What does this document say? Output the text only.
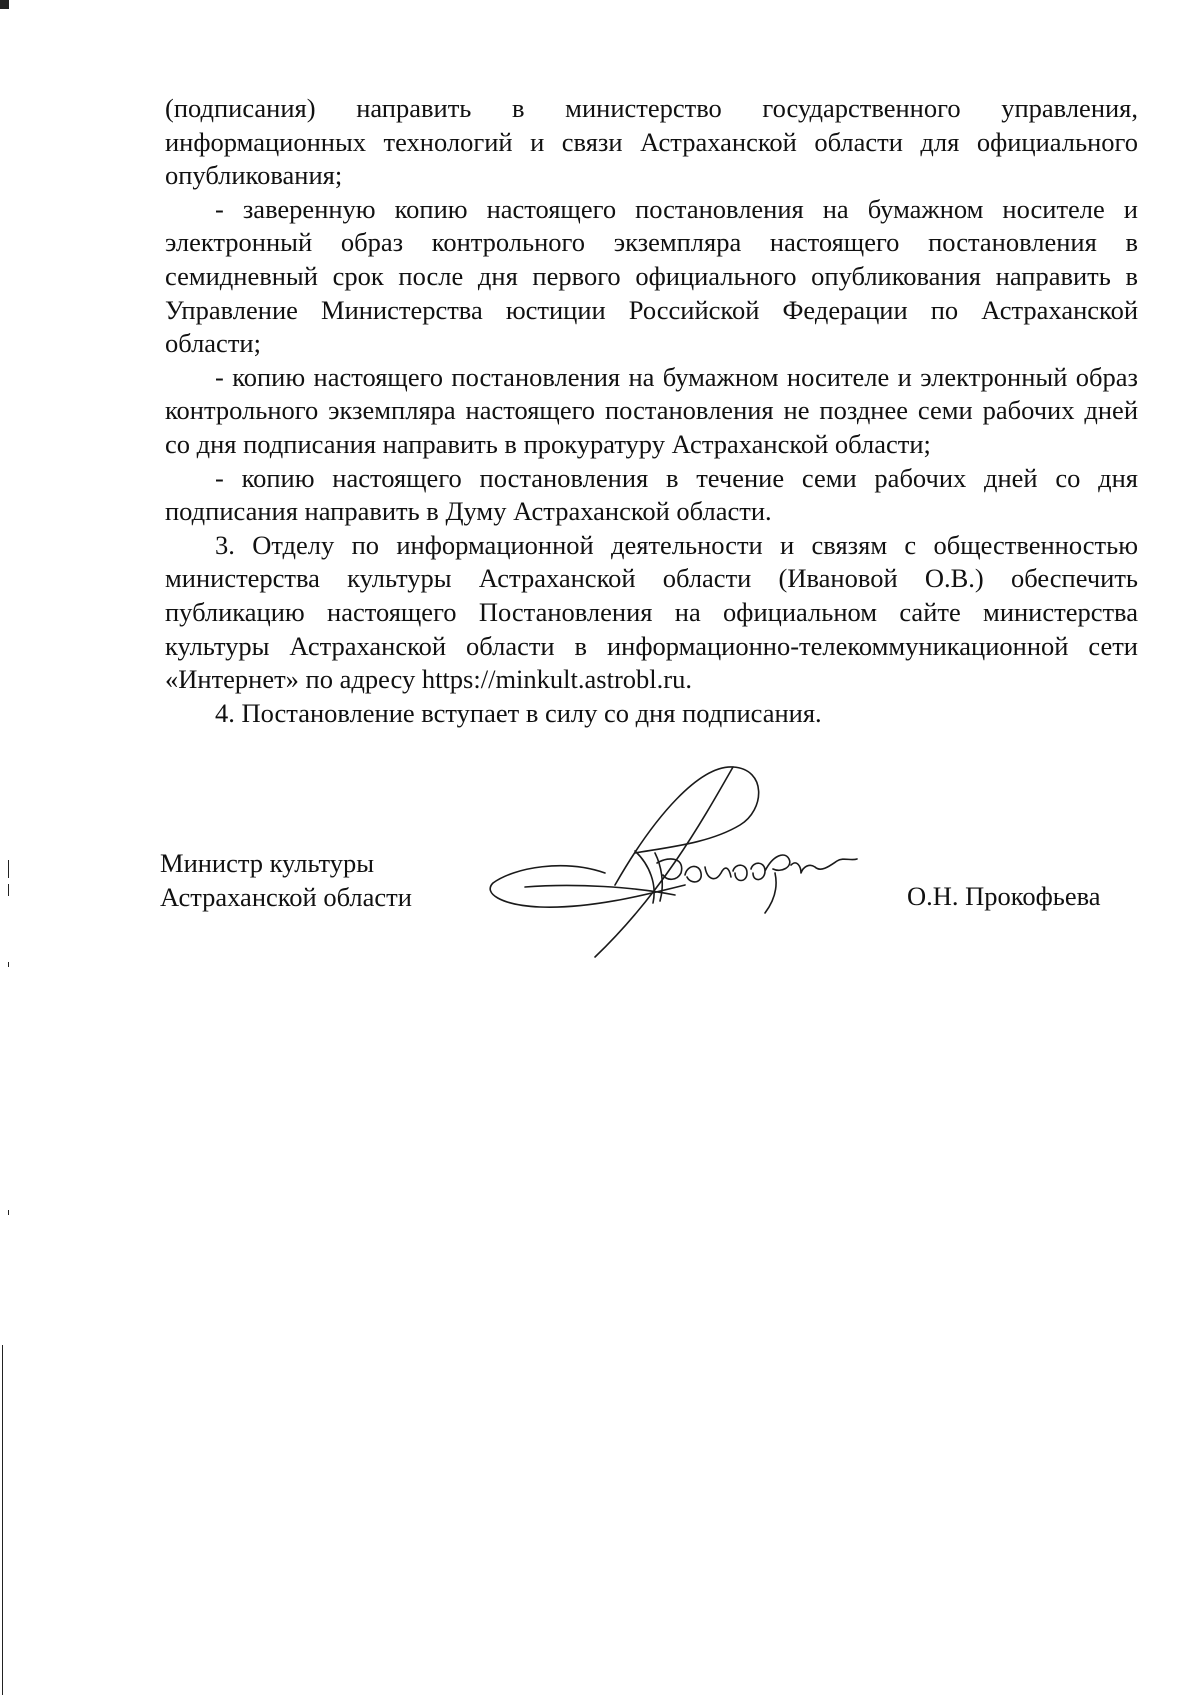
(подписания) направить в министерство государственного управления, информационных технологий и связи Астраханской области для официального опубликования;

- заверенную копию настоящего постановления на бумажном носителе и электронный образ контрольного экземпляра настоящего постановления в семидневный срок после дня первого официального опубликования направить в Управление Министерства юстиции Российской Федерации по Астраханской области;

- копию настоящего постановления на бумажном носителе и электронный образ контрольного экземпляра настоящего постановления не позднее семи рабочих дней со дня подписания направить в прокуратуру Астраханской области;

- копию настоящего постановления в течение семи рабочих дней со дня подписания направить в Думу Астраханской области.

3. Отделу по информационной деятельности и связям с общественностью министерства культуры Астраханской области (Ивановой О.В.) обеспечить публикацию настоящего Постановления на официальном сайте министерства культуры Астраханской области в информационно-телекоммуникационной сети «Интернет» по адресу https://minkult.astrobl.ru.

4. Постановление вступает в силу со дня подписания.

Министр культуры
Астраханской области	О.Н. Прокофьева
